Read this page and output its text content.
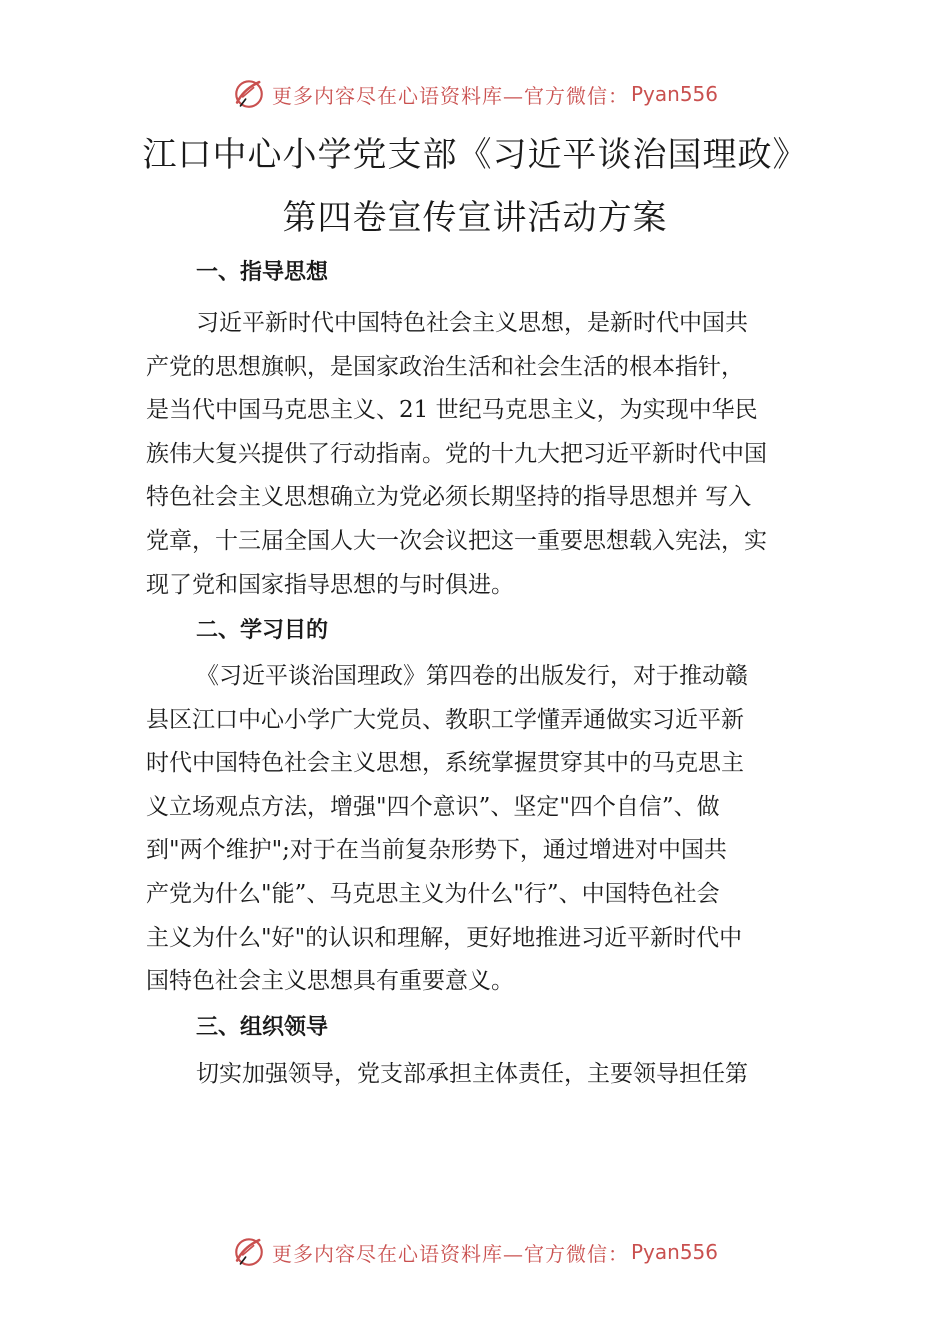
更多内容尽在心语资料库—官方微信： Pyan556
江口中心小学党支部《习近平谈治国理政》
第四卷宣传宣讲活动方案
一、指导思想
习近平新时代中国特色社会主义思想，是新时代中国共
产党的思想旗帜，是国家政治生活和社会生活的根本指针，
是当代中国马克思主义、21 世纪马克思主义，为实现中华民
族伟大复兴提供了行动指南。党的十九大把习近平新时代中国
特色社会主义思想确立为党必须长期坚持的指导思想并 写入
党章，十三届全国人大一次会议把这一重要思想载入宪法，实
现了党和国家指导思想的与时俱进。
二、学习目的
《习近平谈治国理政》第四卷的出版发行，对于推动赣
县区江口中心小学广大党员、教职工学懂弄通做实习近平新
时代中国特色社会主义思想，系统掌握贯穿其中的马克思主
义立场观点方法，增强"四个意识”、坚定"四个自信”、做
到"两个维护";对于在当前复杂形势下，通过增进对中国共
产党为什么"能”、马克思主义为什么"行”、中国特色社会
主义为什么"好"的认识和理解，更好地推进习近平新时代中
国特色社会主义思想具有重要意义。
三、组织领导
切实加强领导，党支部承担主体责任，主要领导担任第
更多内容尽在心语资料库—官方微信： Pyan556
